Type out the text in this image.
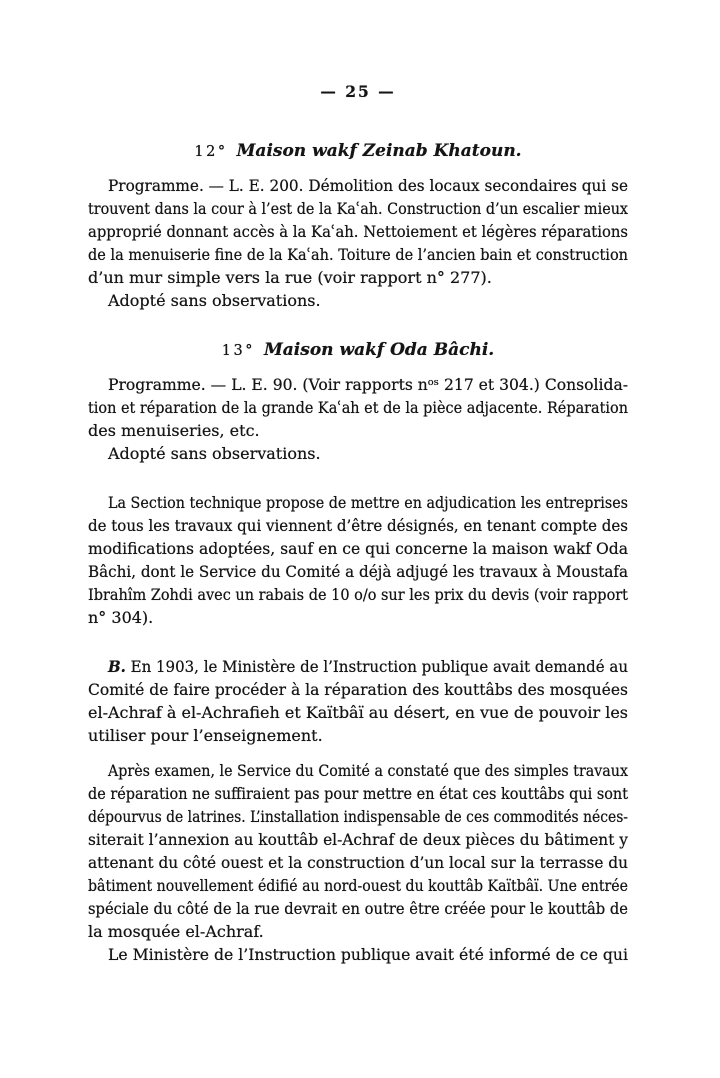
— 25 —
12° Maison wakf Zeinab Khatoun.
Programme. — L. E. 200. Démolition des locaux secondaires qui se
trouvent dans la cour à l’est de la Kaʿah. Construction d’un escalier mieux
approprié donnant accès à la Kaʿah. Nettoiement et légères réparations
de la menuiserie fine de la Kaʿah. Toiture de l’ancien bain et construction
d’un mur simple vers la rue (voir rapport n° 277).
Adopté sans observations.
13° Maison wakf Oda Bâchi.
Programme. — L. E. 90. (Voir rapports nᵒˢ 217 et 304.) Consolida-
tion et réparation de la grande Kaʿah et de la pièce adjacente. Réparation
des menuiseries, etc.
Adopté sans observations.
La Section technique propose de mettre en adjudication les entreprises
de tous les travaux qui viennent d’être désignés, en tenant compte des
modifications adoptées, sauf en ce qui concerne la maison wakf Oda
Bâchi, dont le Service du Comité a déjà adjugé les travaux à Moustafa
Ibrahîm Zohdi avec un rabais de 10 o/o sur les prix du devis (voir rapport
n° 304).
B. En 1903, le Ministère de l’Instruction publique avait demandé au
Comité de faire procéder à la réparation des kouttâbs des mosquées
el-Achraf à el-Achrafieh et Kaïtbâï au désert, en vue de pouvoir les
utiliser pour l’enseignement.
Après examen, le Service du Comité a constaté que des simples travaux
de réparation ne suffiraient pas pour mettre en état ces kouttâbs qui sont
dépourvus de latrines. L’installation indispensable de ces commodités néces-
siterait l’annexion au kouttâb el-Achraf de deux pièces du bâtiment y
attenant du côté ouest et la construction d’un local sur la terrasse du
bâtiment nouvellement édifié au nord-ouest du kouttâb Kaïtbâï. Une entrée
spéciale du côté de la rue devrait en outre être créée pour le kouttâb de
la mosquée el-Achraf.
Le Ministère de l’Instruction publique avait été informé de ce qui
